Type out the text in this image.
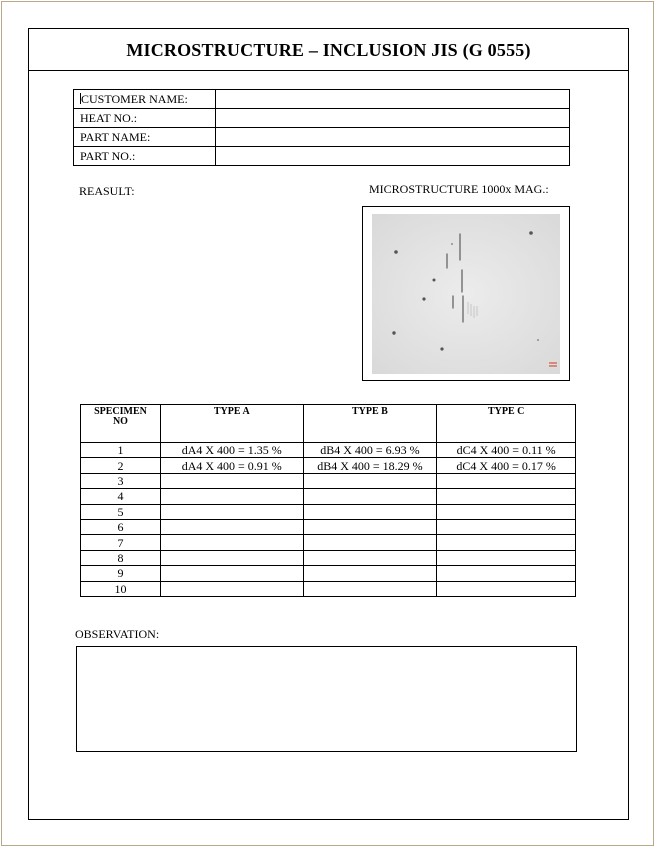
MICROSTRUCTURE – INCLUSION JIS (G 0555)
CUSTOMER NAME:	
HEAT NO.:	
PART NAME:	
PART NO.:	
REASULT:	MICROSTRUCTURE 1000x MAG.:
SPECIMEN
NO	TYPE A	TYPE B	TYPE C
1	dA4 X 400 = 1.35 %	dB4 X 400 = 6.93 %	dC4 X 400 = 0.11 %
2	dA4 X 400 = 0.91 %	dB4 X 400 = 18.29 %	dC4 X 400 = 0.17 %
3			
4			
5			
6			
7			
8			
9			
10			
OBSERVATION:
